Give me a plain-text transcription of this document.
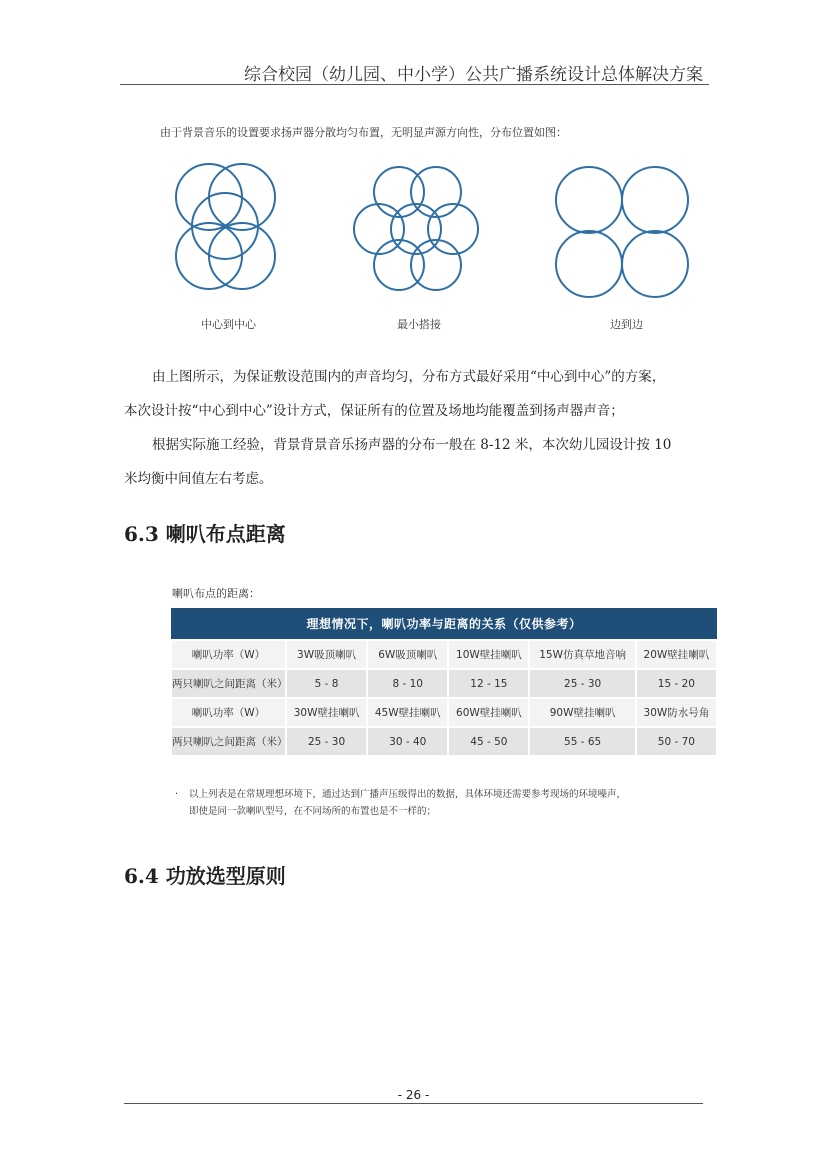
综合校园（幼儿园、中小学）公共广播系统设计总体解决方案
由于背景音乐的设置要求扬声器分散均匀布置，无明显声源方向性，分布位置如图：
中心到中心	最小搭接	边到边
由上图所示，为保证敷设范围内的声音均匀，分布方式最好采用“中心到中心”的方案，
本次设计按“中心到中心”设计方式，保证所有的位置及场地均能覆盖到扬声器声音；
根据实际施工经验，背景背景音乐扬声器的分布一般在 8-12 米，本次幼儿园设计按 10
米均衡中间值左右考虑。
6.3 喇叭布点距离
喇叭布点的距离：
理想情况下，喇叭功率与距离的关系（仅供参考）					
喇叭功率（W）	3W吸顶喇叭	6W吸顶喇叭	10W壁挂喇叭	15W仿真草地音响	20W壁挂喇叭
两只喇叭之间距离（米）	5 - 8	8 - 10	12 - 15	25 - 30	15 - 20
喇叭功率（W）	30W壁挂喇叭	45W壁挂喇叭	60W壁挂喇叭	90W壁挂喇叭	30W防水号角
两只喇叭之间距离（米）	25 - 30	30 - 40	45 - 50	55 - 65	50 - 70
·	以上列表是在常规理想环境下，通过达到广播声压级得出的数据，具体环境还需要参考现场的环境噪声，
即使是同一款喇叭型号，在不同场所的布置也是不一样的；
6.4 功放选型原则
- 26 -
